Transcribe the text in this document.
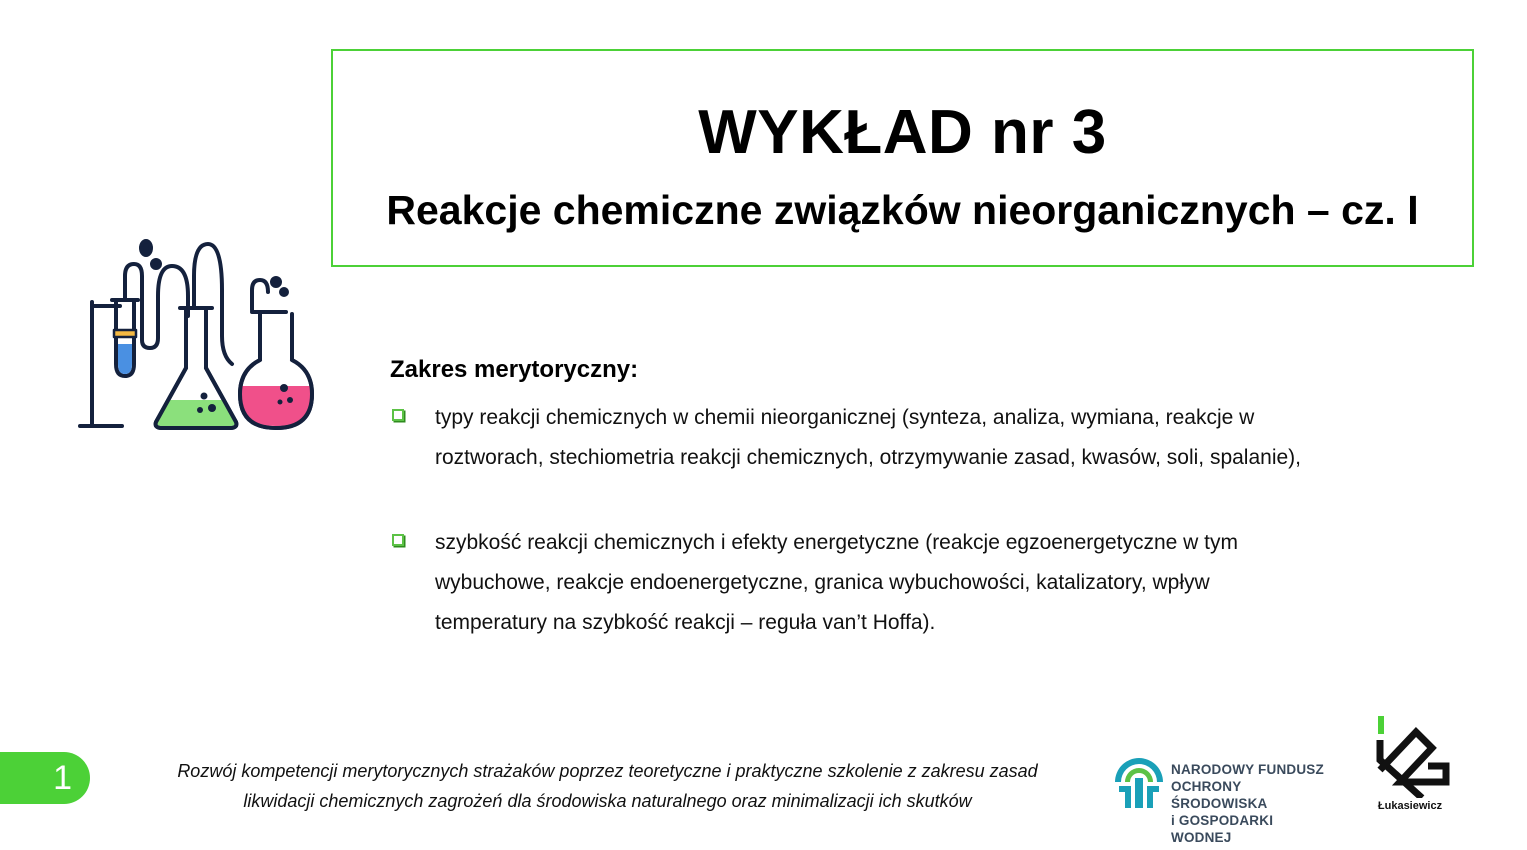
WYKŁAD nr 3
Reakcje chemiczne związków nieorganicznych – cz. I
Zakres merytoryczny:
typy reakcji chemicznych w chemii nieorganicznej (synteza, analiza, wymiana, reakcje w roztworach, stechiometria reakcji chemicznych, otrzymywanie zasad, kwasów, soli, spalanie),
szybkość reakcji chemicznych i efekty energetyczne (reakcje egzoenergetyczne w tym wybuchowe, reakcje endoenergetyczne, granica wybuchowości, katalizatory, wpływ temperatury na szybkość reakcji – reguła van’t Hoffa).
1	Rozwój kompetencji merytorycznych strażaków poprzez teoretyczne i praktyczne szkolenie z zakresu zasad
likwidacji chemicznych zagrożeń dla środowiska naturalnego oraz minimalizacji ich skutków
NARODOWY FUNDUSZ
OCHRONY ŚRODOWISKA
i GOSPODARKI WODNEJ
Łukasiewicz
